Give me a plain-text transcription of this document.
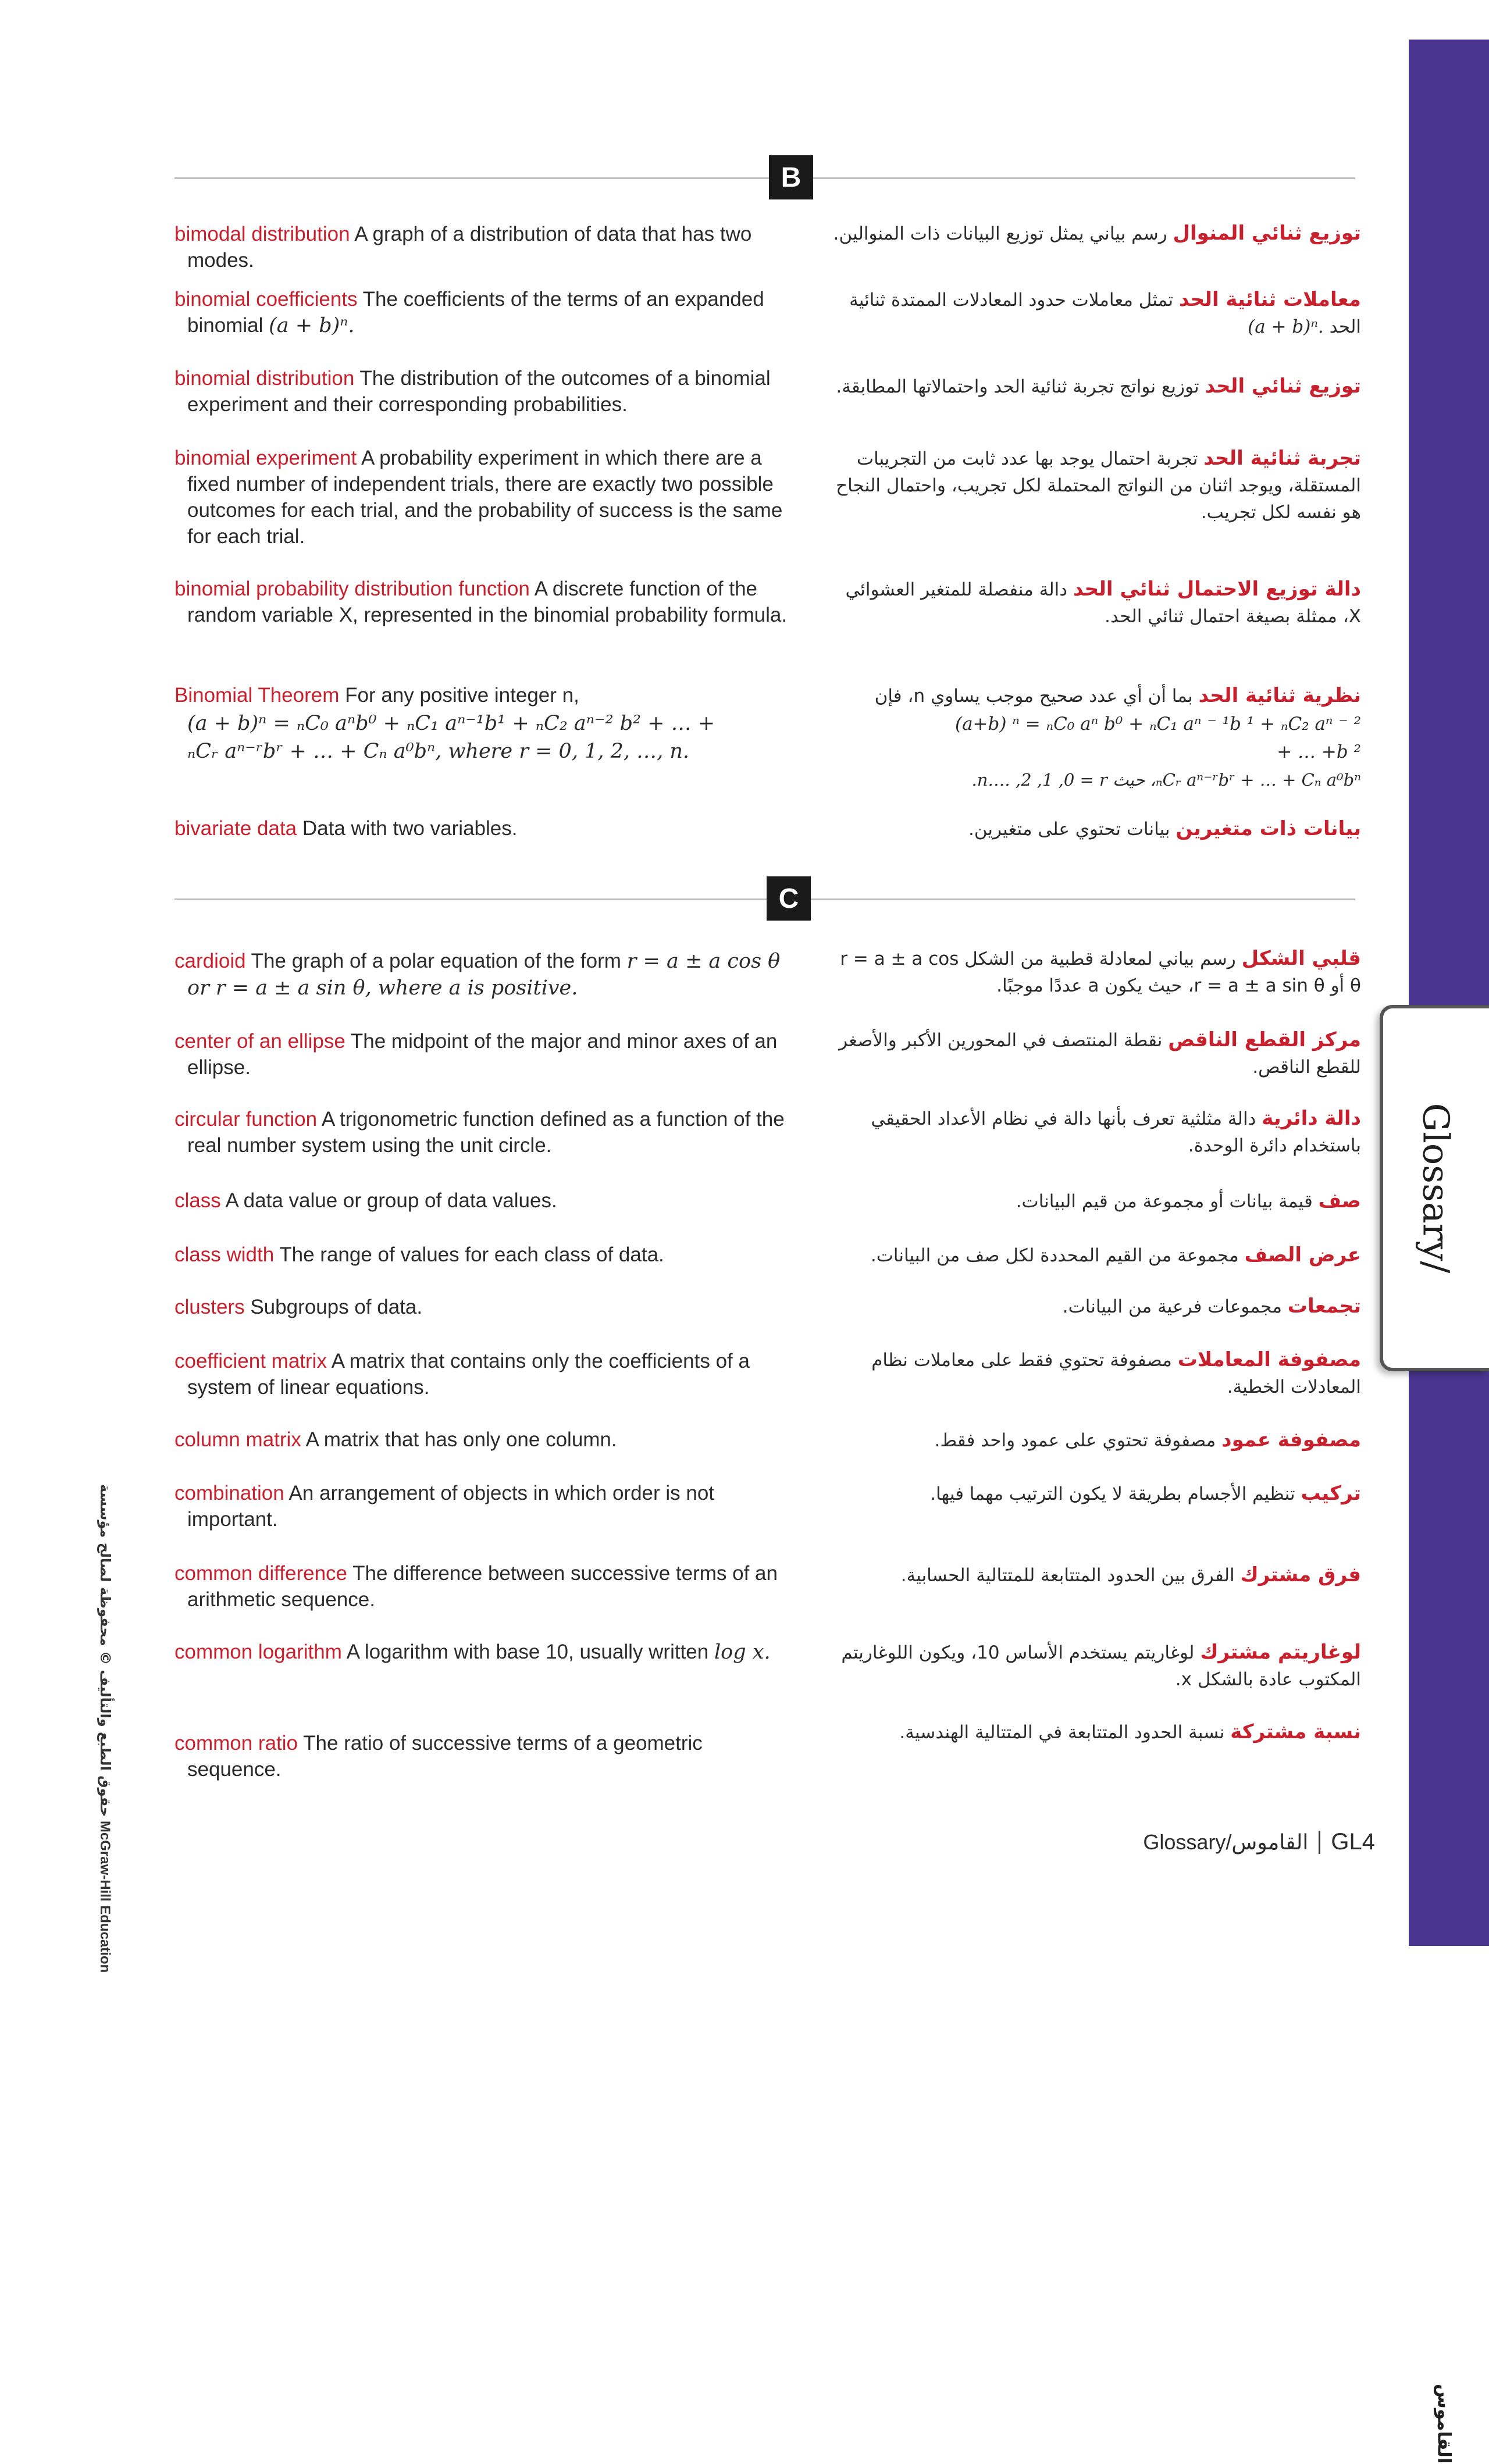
Glossary/
القاموس
B
bimodal distribution A graph of a distribution of data that has two modes.
توزيع ثنائي المنوال رسم بياني يمثل توزيع البيانات ذات المنوالين.
binomial coefficients The coefficients of the terms of an expanded binomial (a + b)ⁿ.
معاملات ثنائية الحد تمثل معاملات حدود المعادلات الممتدة ثنائية الحد (a + b)ⁿ.
binomial distribution The distribution of the outcomes of a binomial experiment and their corresponding probabilities.
توزيع ثنائي الحد توزيع نواتج تجربة ثنائية الحد واحتمالاتها المطابقة.
binomial experiment A probability experiment in which there are a fixed number of independent trials, there are exactly two possible outcomes for each trial, and the probability of success is the same for each trial.
تجربة ثنائية الحد تجربة احتمال يوجد بها عدد ثابت من التجريبات المستقلة، ويوجد اثنان من النواتج المحتملة لكل تجريب، واحتمال النجاح هو نفسه لكل تجريب.
binomial probability distribution function A discrete function of the random variable X, represented in the binomial probability formula.
دالة توزيع الاحتمال ثنائي الحد دالة منفصلة للمتغير العشوائي X، ممثلة بصيغة احتمال ثنائي الحد.
Binomial Theorem For any positive integer n,
(a + b)ⁿ = ₙC₀ aⁿb⁰ + ₙC₁ aⁿ⁻¹b¹ + ₙC₂ aⁿ⁻² b² + … +
ₙCᵣ aⁿ⁻ʳbʳ + … + Cₙ a⁰bⁿ, where r = 0, 1, 2, …, n.
نظرية ثنائية الحد بما أن أي عدد صحيح موجب يساوي n، فإن
(a+b) ⁿ = ₙC₀ aⁿ b⁰ + ₙC₁ aⁿ ⁻ ¹b ¹ + ₙC₂ aⁿ ⁻ ²
+ … +b ²
ₙCᵣ aⁿ⁻ʳbʳ + … + Cₙ a⁰bⁿ، حيث n…. ,2 ,1 ,0 = r.
bivariate data Data with two variables.	بيانات ذات متغيرين بيانات تحتوي على متغيرين.
C
cardioid The graph of a polar equation of the form r = a ± a cos θ or r = a ± a sin θ, where a is positive.
قلبي الشكل رسم بياني لمعادلة قطبية من الشكل r = a ± a cos θ أو r = a ± a sin θ، حيث يكون a عددًا موجبًا.
center of an ellipse The midpoint of the major and minor axes of an ellipse.
مركز القطع الناقص نقطة المنتصف في المحورين الأكبر والأصغر للقطع الناقص.
circular function A trigonometric function defined as a function of the real number system using the unit circle.
دالة دائرية دالة مثلثية تعرف بأنها دالة في نظام الأعداد الحقيقي باستخدام دائرة الوحدة.
class A data value or group of data values.	صف قيمة بيانات أو مجموعة من قيم البيانات.
class width The range of values for each class of data.	عرض الصف مجموعة من القيم المحددة لكل صف من البيانات.
clusters Subgroups of data.	تجمعات مجموعات فرعية من البيانات.
coefficient matrix A matrix that contains only the coefficients of a system of linear equations.
مصفوفة المعاملات مصفوفة تحتوي فقط على معاملات نظام المعادلات الخطية.
column matrix A matrix that has only one column.	مصفوفة عمود مصفوفة تحتوي على عمود واحد فقط.
combination An arrangement of objects in which order is not important.
تركيب تنظيم الأجسام بطريقة لا يكون الترتيب مهما فيها.
common difference The difference between successive terms of an arithmetic sequence.
فرق مشترك الفرق بين الحدود المتتابعة للمتتالية الحسابية.
common logarithm A logarithm with base 10, usually written log x.	لوغاريتم مشترك لوغاريتم يستخدم الأساس 10، ويكون اللوغاريتم المكتوب عادة بالشكل x.
common ratio The ratio of successive terms of a geometric sequence.
نسبة مشتركة نسبة الحدود المتتابعة في المتتالية الهندسية.
حقوق الطبع والتأليف © محفوظة لصالح مؤسسة McGraw-Hill Education	Glossary/القاموس GL4
